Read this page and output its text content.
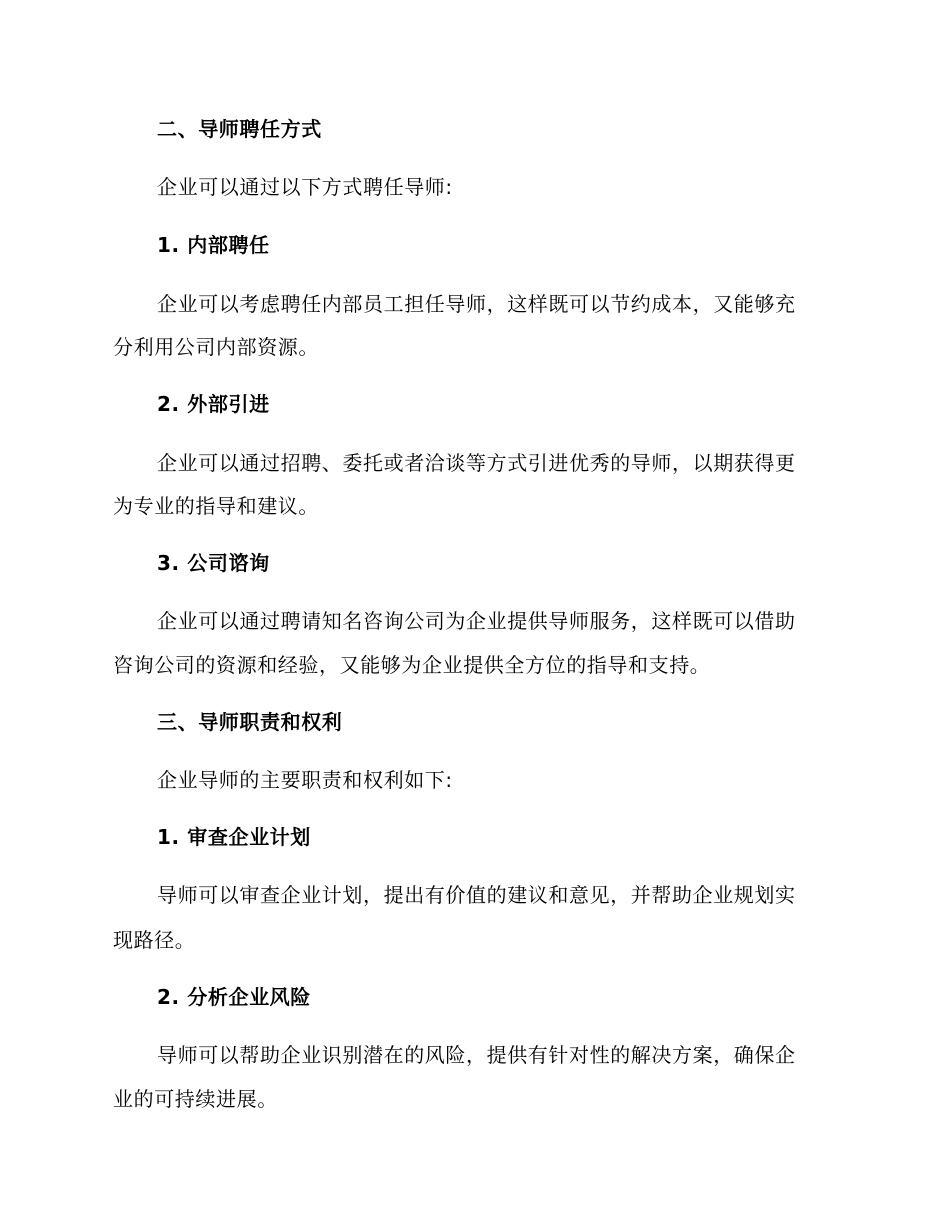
二、导师聘任方式
企业可以通过以下方式聘任导师:
1. 内部聘任
企业可以考虑聘任内部员工担任导师，这样既可以节约成本，又能够充
分利用公司内部资源。
2. 外部引进
企业可以通过招聘、委托或者洽谈等方式引进优秀的导师，以期获得更
为专业的指导和建议。
3. 公司谘询
企业可以通过聘请知名咨询公司为企业提供导师服务，这样既可以借助
咨询公司的资源和经验，又能够为企业提供全方位的指导和支持。
三、导师职责和权利
企业导师的主要职责和权利如下:
1. 审查企业计划
导师可以审查企业计划，提出有价值的建议和意见，并帮助企业规划实
现路径。
2. 分析企业风险
导师可以帮助企业识别潜在的风险，提供有针对性的解决方案，确保企
业的可持续进展。
